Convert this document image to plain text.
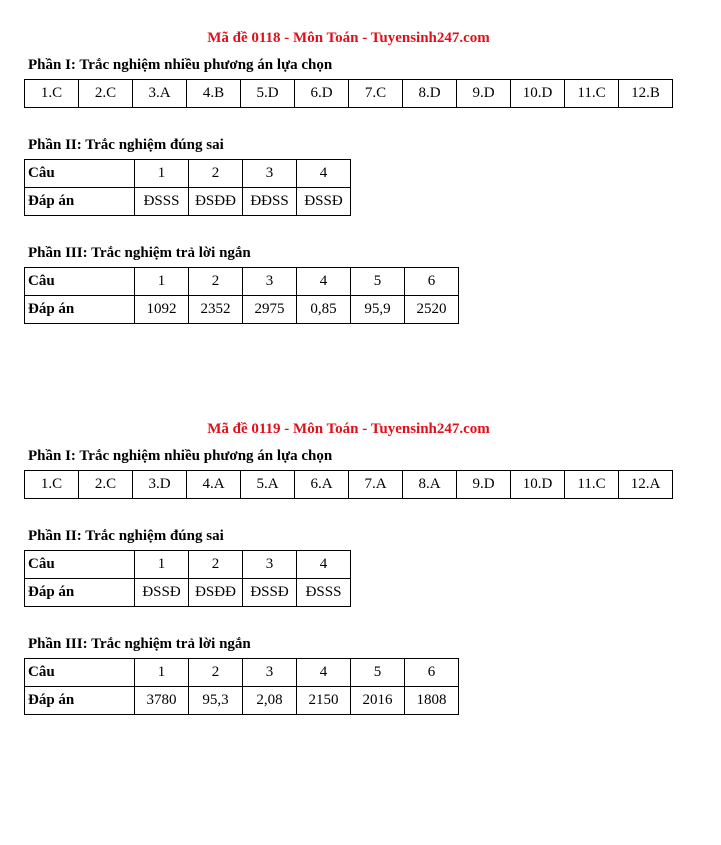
Mã đề 0118 - Môn Toán - Tuyensinh247.com
Phần I: Trắc nghiệm nhiều phương án lựa chọn
1.C	2.C	3.A	4.B	5.D	6.D	7.C	8.D	9.D	10.D	11.C	12.B
Phần II: Trắc nghiệm đúng sai
Câu	1	2	3	4
Đáp án	ĐSSS	ĐSĐĐ	ĐĐSS	ĐSSĐ
Phần III: Trắc nghiệm trả lời ngắn
Câu	1	2	3	4	5	6
Đáp án	1092	2352	2975	0,85	95,9	2520
Mã đề 0119 - Môn Toán - Tuyensinh247.com
Phần I: Trắc nghiệm nhiều phương án lựa chọn
1.C	2.C	3.D	4.A	5.A	6.A	7.A	8.A	9.D	10.D	11.C	12.A
Phần II: Trắc nghiệm đúng sai
Câu	1	2	3	4
Đáp án	ĐSSĐ	ĐSĐĐ	ĐSSĐ	ĐSSS
Phần III: Trắc nghiệm trả lời ngắn
Câu	1	2	3	4	5	6
Đáp án	3780	95,3	2,08	2150	2016	1808
